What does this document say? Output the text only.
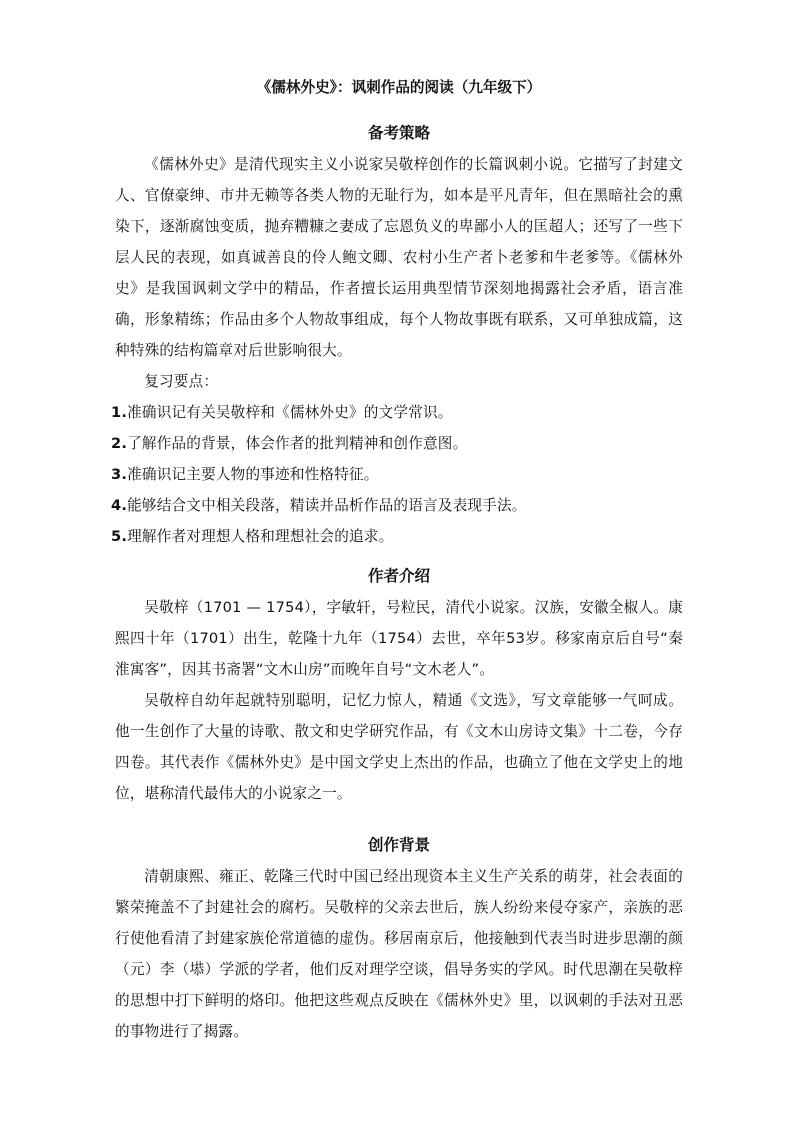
《儒林外史》：讽刺作品的阅读（九年级下）
备考策略

《儒林外史》是清代现实主义小说家吴敬梓创作的长篇讽刺小说。它描写了封建文人、官僚豪绅、市井无赖等各类人物的无耻行为，如本是平凡青年，但在黑暗社会的熏染下，逐渐腐蚀变质，抛弃糟糠之妻成了忘恩负义的卑鄙小人的匡超人；还写了一些下层人民的表现，如真诚善良的伶人鲍文卿、农村小生产者卜老爹和牛老爹等。《儒林外史》是我国讽刺文学中的精品，作者擅长运用典型情节深刻地揭露社会矛盾，语言准确，形象精练；作品由多个人物故事组成，每个人物故事既有联系，又可单独成篇，这种特殊的结构篇章对后世影响很大。

复习要点：

1.准确识记有关吴敬梓和《儒林外史》的文学常识。
2.了解作品的背景，体会作者的批判精神和创作意图。
3.准确识记主要人物的事迹和性格特征。
4.能够结合文中相关段落，精读并品析作品的语言及表现手法。
5.理解作者对理想人格和理想社会的追求。
作者介绍

吴敬梓（1701 — 1754），字敏轩，号粒民，清代小说家。汉族，安徽全椒人。康熙四十年（1701）出生，乾隆十九年（1754）去世，卒年53岁。移家南京后自号“秦淮寓客”，因其书斋署“文木山房”而晚年自号“文木老人”。

吴敬梓自幼年起就特别聪明，记忆力惊人，精通《文选》，写文章能够一气呵成。他一生创作了大量的诗歌、散文和史学研究作品，有《文木山房诗文集》十二卷，今存四卷。其代表作《儒林外史》是中国文学史上杰出的作品，也确立了他在文学史上的地位，堪称清代最伟大的小说家之一。

创作背景

清朝康熙、雍正、乾隆三代时中国已经出现资本主义生产关系的萌芽，社会表面的繁荣掩盖不了封建社会的腐朽。吴敬梓的父亲去世后，族人纷纷来侵夺家产，亲族的恶行使他看清了封建家族伦常道德的虚伪。移居南京后，他接触到代表当时进步思潮的颜（元）李（塨）学派的学者，他们反对理学空谈，倡导务实的学风。时代思潮在吴敬梓的思想中打下鲜明的烙印。他把这些观点反映在《儒林外史》里，以讽刺的手法对丑恶的事物进行了揭露。
